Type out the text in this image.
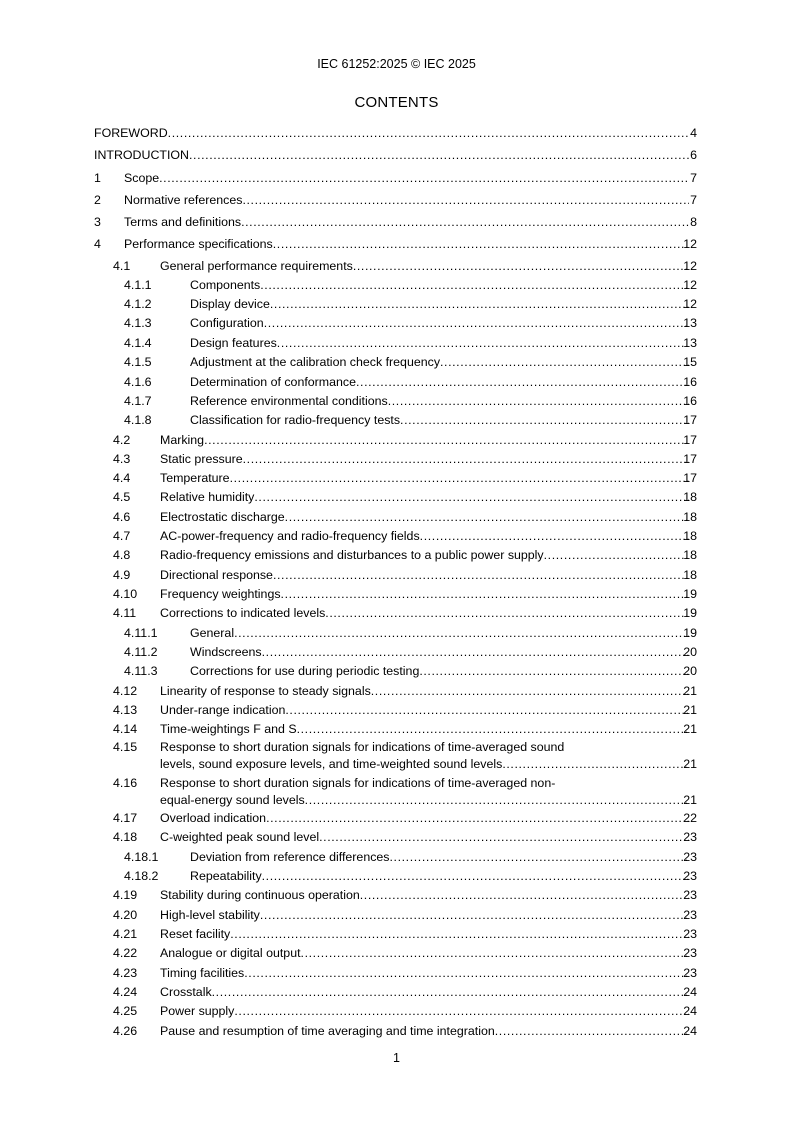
IEC 61252:2025 © IEC 2025
CONTENTS
FOREWORD .....	4
INTRODUCTION .....	6
1 Scope .....	7
2 Normative references .....	7
3 Terms and definitions .....	8
4 Performance specifications .....	12
4.1 General performance requirements .....	12
4.1.1	Components .....	12
4.1.2	Display device .....	12
4.1.3	Configuration .....	13
4.1.4	Design features .....	13
4.1.5	Adjustment at the calibration check frequency .....	15
4.1.6	Determination of conformance .....	16
4.1.7	Reference environmental conditions .....	16
4.1.8	Classification for radio-frequency tests .....	17
4.2 Marking .....	17
4.3 Static pressure .....	17
4.4 Temperature .....	17
4.5 Relative humidity .....	18
4.6 Electrostatic discharge .....	18
4.7 AC-power-frequency and radio-frequency fields .....	18
4.8 Radio-frequency emissions and disturbances to a public power supply .....	18
4.9 Directional response .....	18
4.10 Frequency weightings .....	19
4.11 Corrections to indicated levels .....	19
4.11.1	General .....	19
4.11.2	Windscreens .....	20
4.11.3	Corrections for use during periodic testing .....	20
4.12 Linearity of response to steady signals .....	21
4.13 Under-range indication .....	21
4.14 Time-weightings F and S .....	21
4.15 Response to short duration signals for indications of time-averaged sound
levels, sound exposure levels, and time-weighted sound levels .....	21
4.16 Response to short duration signals for indications of time-averaged non-
equal-energy sound levels .....	21
4.17 Overload indication .....	22
4.18 C-weighted peak sound level .....	23
4.18.1	Deviation from reference differences .....	23
4.18.2	Repeatability .....	23
4.19 Stability during continuous operation .....	23
4.20 High-level stability .....	23
4.21 Reset facility .....	23
4.22 Analogue or digital output .....	23
4.23 Timing facilities .....	23
4.24 Crosstalk .....	24
4.25 Power supply .....	24
4.26 Pause and resumption of time averaging and time integration .....	24
1
